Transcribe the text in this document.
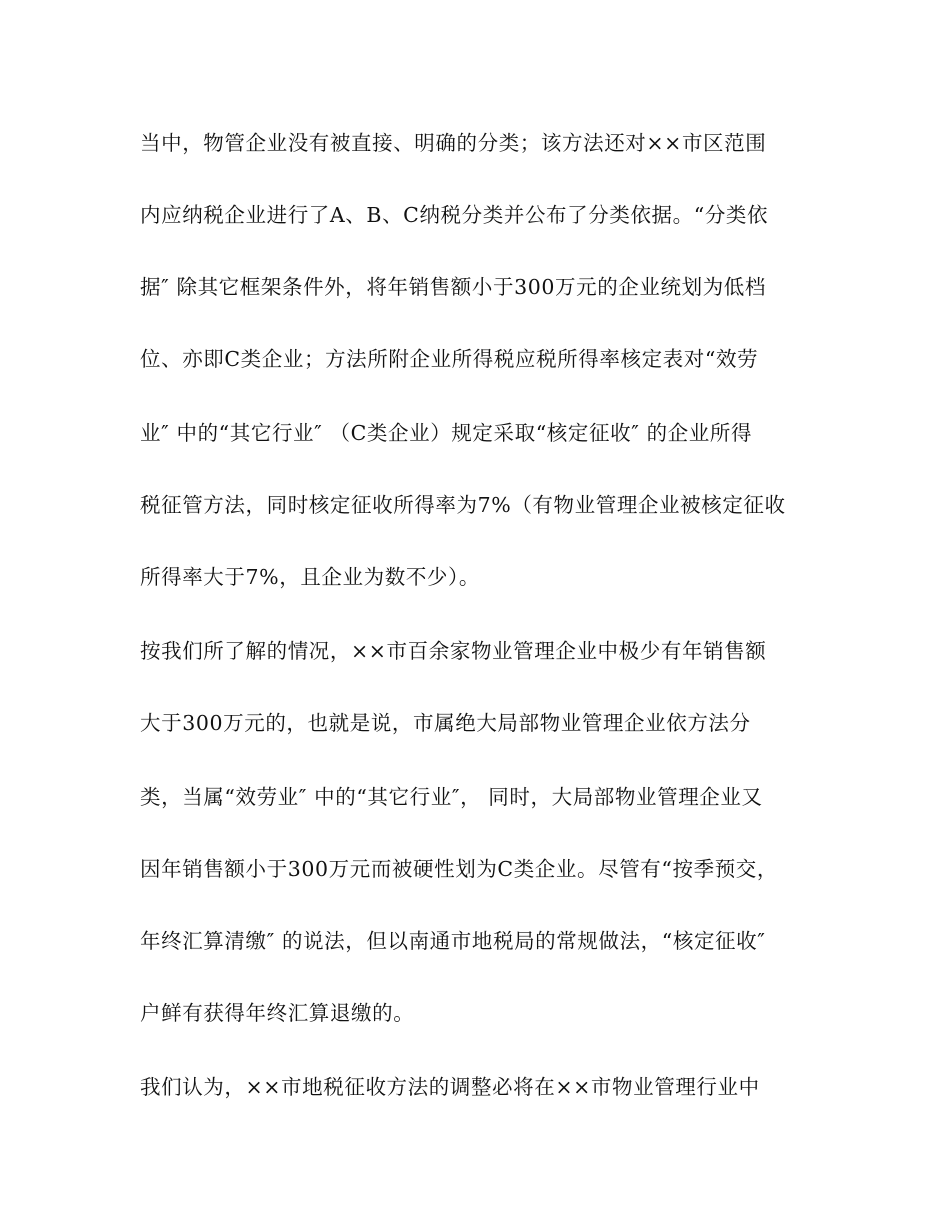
当中，物管企业没有被直接、明确的分类；该方法还对××市区范围

内应纳税企业进行了A、B、C纳税分类并公布了分类依据。“分类依

据″ 除其它框架条件外，将年销售额小于300万元的企业统划为低档

位、亦即C类企业；方法所附企业所得税应税所得率核定表对“效劳

业″ 中的“其它行业″ （C类企业）规定采取“核定征收″ 的企业所得

税征管方法，同时核定征收所得率为7%（有物业管理企业被核定征收

所得率大于7%，且企业为数不少）。

按我们所了解的情况，××市百余家物业管理企业中极少有年销售额

大于300万元的，也就是说，市属绝大局部物业管理企业依方法分

类，当属“效劳业″ 中的“其它行业″， 同时，大局部物业管理企业又

因年销售额小于300万元而被硬性划为C类企业。尽管有“按季预交，

年终汇算清缴″ 的说法，但以南通市地税局的常规做法，“核定征收″

户鲜有获得年终汇算退缴的。

我们认为，××市地税征收方法的调整必将在××市物业管理行业中
